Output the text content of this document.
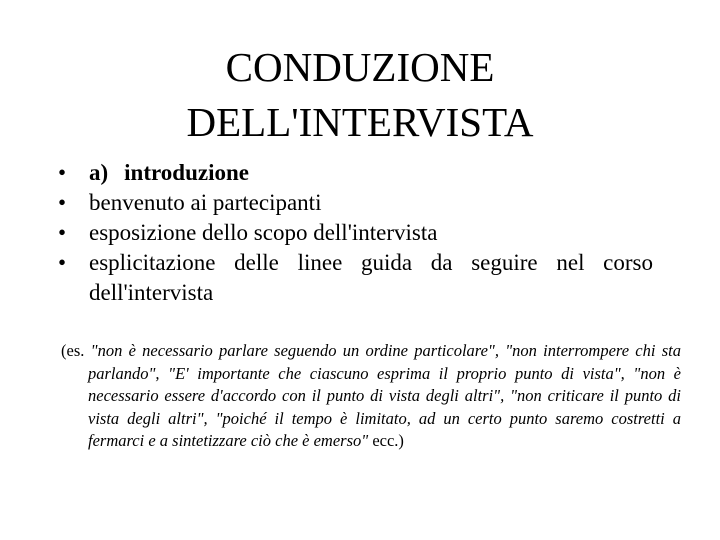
CONDUZIONE
DELL'INTERVISTA
• a) introduzione
• benvenuto ai partecipanti
• esposizione dello scopo dell'intervista
• esplicitazione delle linee guida da seguire nel corso dell'intervista

(es. "non è necessario parlare seguendo un ordine particolare", "non interrompere chi sta parlando", "E' importante che ciascuno esprima il proprio punto di vista", "non è necessario essere d'accordo con il punto di vista degli altri", "non criticare il punto di vista degli altri", "poiché il tempo è limitato, ad un certo punto saremo costretti a fermarci e a sintetizzare ciò che è emerso" ecc.)
